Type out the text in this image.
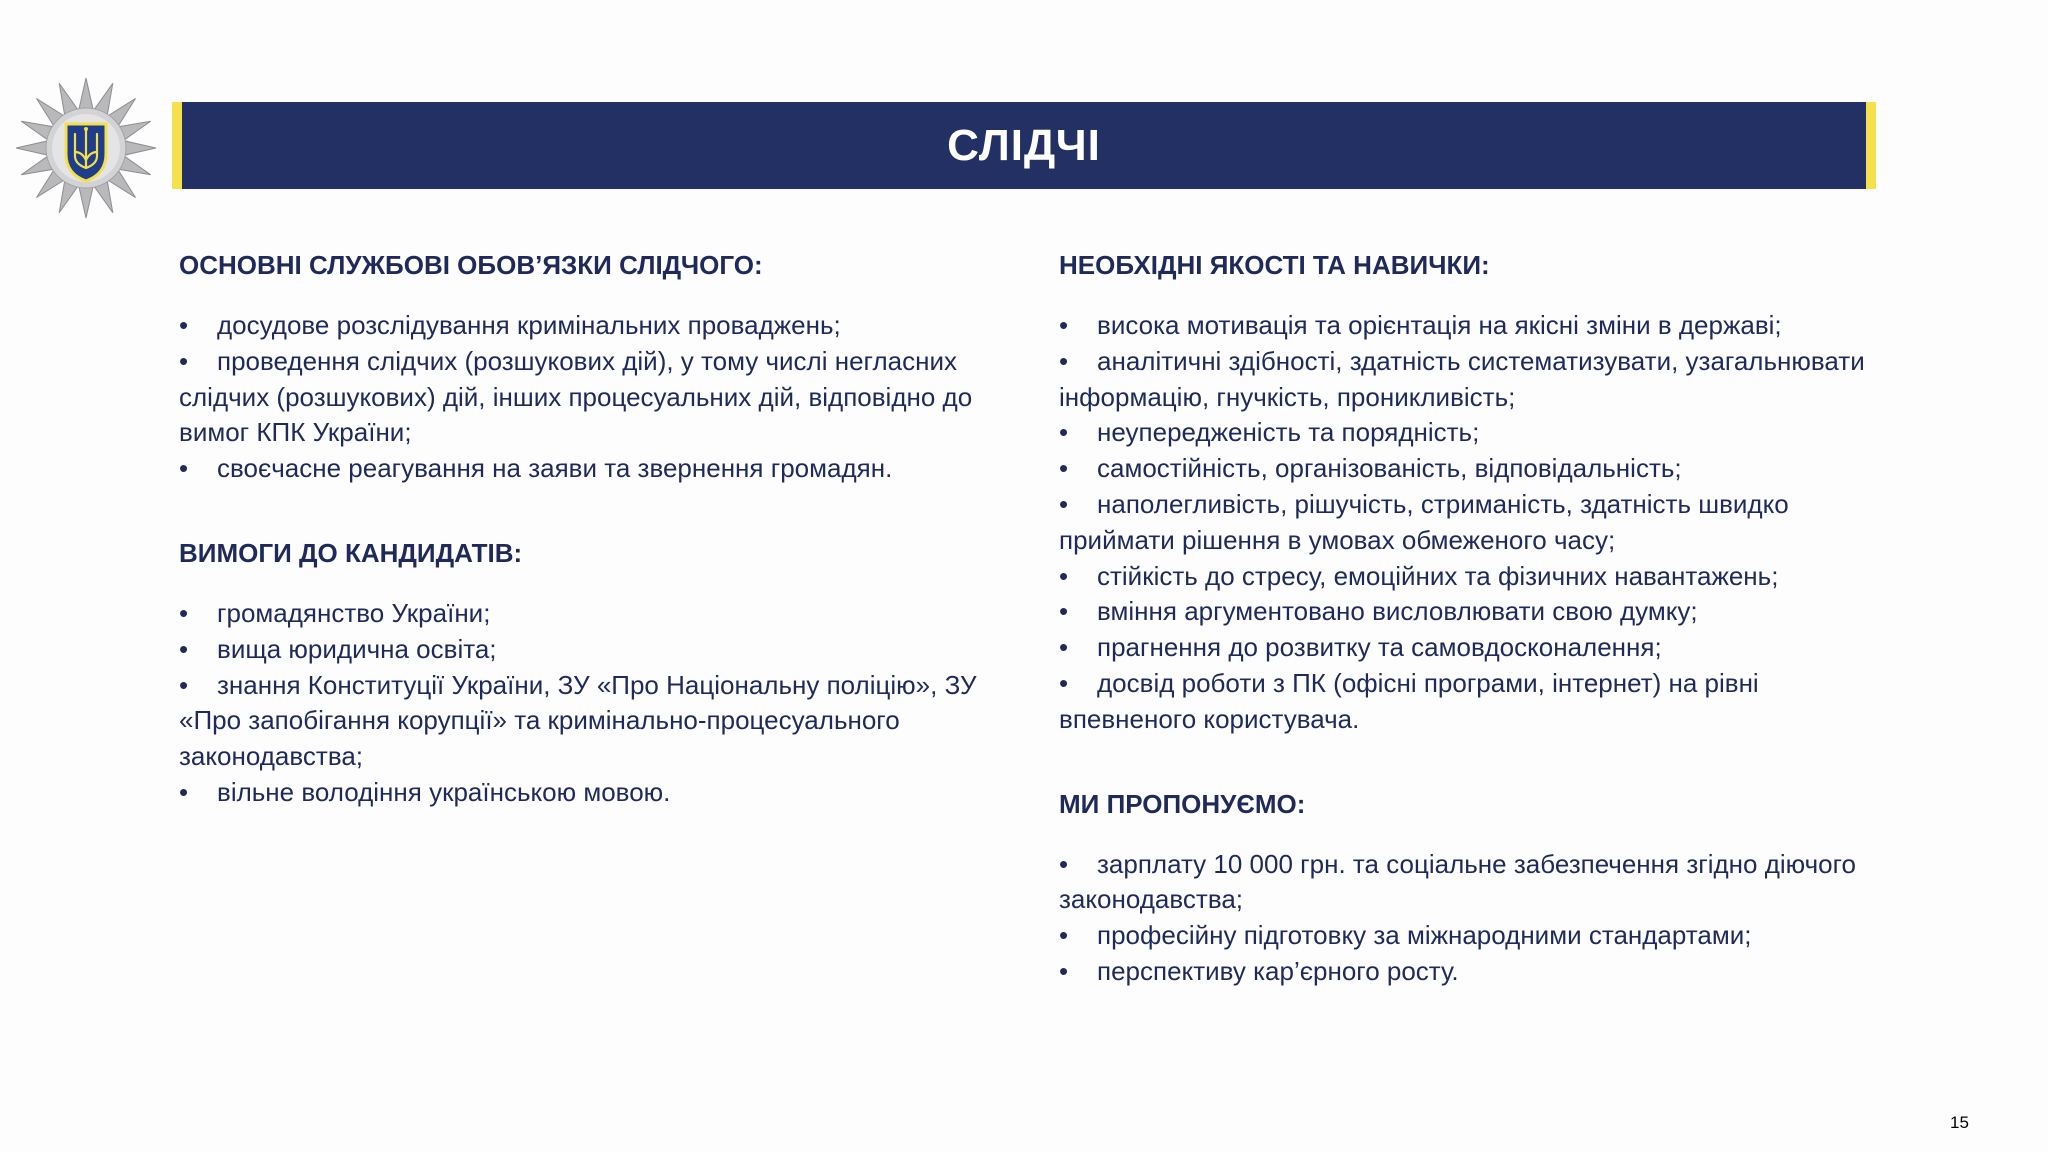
СЛІДЧІ
ОСНОВНІ СЛУЖБОВІ ОБОВ’ЯЗКИ СЛІДЧОГО:
• досудове розслідування кримінальних проваджень;
• проведення слідчих (розшукових дій), у тому числі негласних слідчих (розшукових) дій, інших процесуальних дій, відповідно до вимог КПК України;
• своєчасне реагування на заяви та звернення громадян.
ВИМОГИ ДО КАНДИДАТІВ:
• громадянство України;
• вища юридична освіта;
• знання Конституції України, ЗУ «Про Національну поліцію», ЗУ «Про запобігання корупції» та кримінально-процесуального законодавства;
• вільне володіння українською мовою.
НЕОБХІДНІ ЯКОСТІ ТА НАВИЧКИ:
• висока мотивація та орієнтація на якісні зміни в державі;
• аналітичні здібності, здатність систематизувати, узагальнювати інформацію, гнучкість, проникливість;
• неупередженість та порядність;
• самостійність, організованість, відповідальність;
• наполегливість, рішучість, стриманість, здатність швидко приймати рішення в умовах обмеженого часу;
• стійкість до стресу, емоційних та фізичних навантажень;
• вміння аргументовано висловлювати свою думку;
• прагнення до розвитку та самовдосконалення;
• досвід роботи з ПК (офісні програми, інтернет) на рівні впевненого користувача.
МИ ПРОПОНУЄМО:
• зарплату 10 000 грн. та соціальне забезпечення згідно діючого законодавства;
• професійну підготовку за міжнародними стандартами;
• перспективу кар’єрного росту.
15
